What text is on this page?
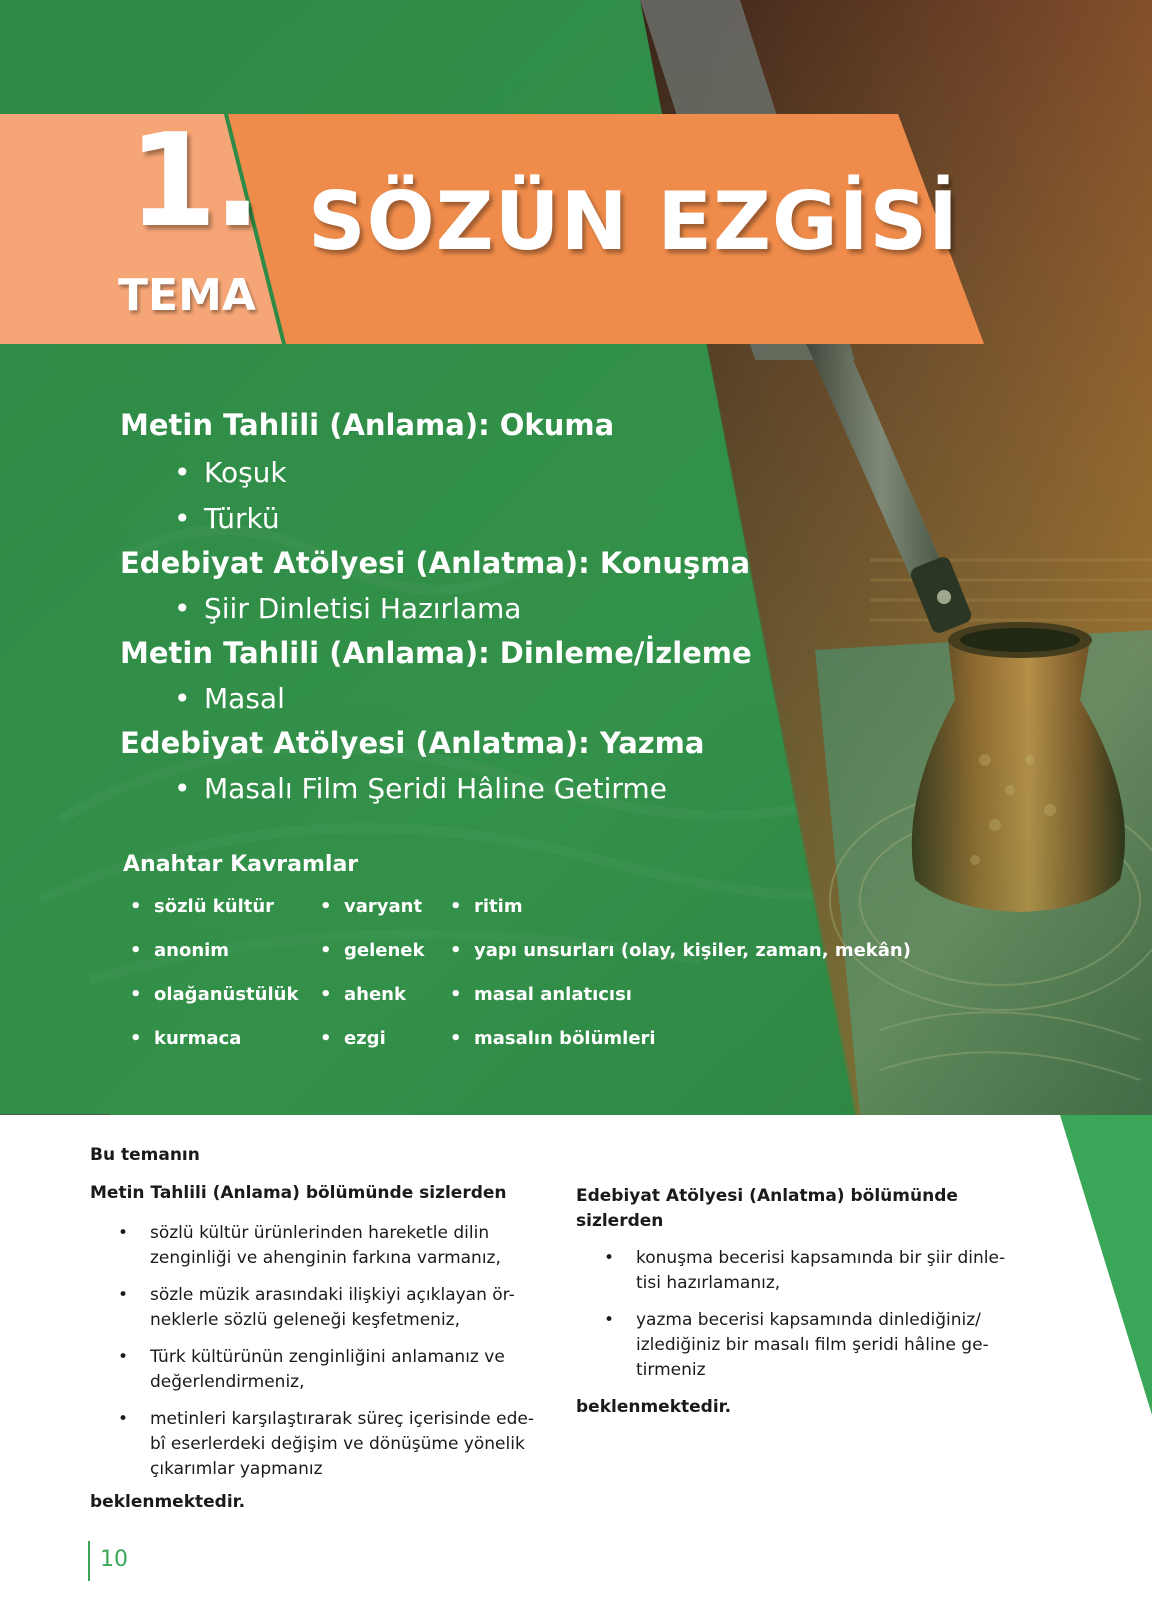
1.
TEMA
SÖZÜN EZGİSİ
Metin Tahlili (Anlama): Okuma
• Koşuk
• Türkü
Edebiyat Atölyesi (Anlatma): Konuşma
• Şiir Dinletisi Hazırlama
Metin Tahlili (Anlama): Dinleme/İzleme
• Masal
Edebiyat Atölyesi (Anlatma): Yazma
• Masalı Film Şeridi Hâline Getirme
Anahtar Kavramlar
• sözlü kültür
• anonim
• olağanüstülük
• kurmaca
• varyant
• gelenek
• ahenk
• ezgi
• ritim
• yapı unsurları (olay, kişiler, zaman, mekân)
• masal anlatıcısı
• masalın bölümleri
Bu temanın
Metin Tahlili (Anlama) bölümünde sizlerden
• sözlü kültür ürünlerinden hareketle dilin
zenginliği ve ahenginin farkına varmanız,
• sözle müzik arasındaki ilişkiyi açıklayan ör-
neklerle sözlü geleneği keşfetmeniz,
• Türk kültürünün zenginliğini anlamanız ve
değerlendirmeniz,
• metinleri karşılaştırarak süreç içerisinde ede-
bî eserlerdeki değişim ve dönüşüme yönelik
çıkarımlar yapmanız
beklenmektedir.
Edebiyat Atölyesi (Anlatma) bölümünde
sizlerden
• konuşma becerisi kapsamında bir şiir dinle-
tisi hazırlamanız,
• yazma becerisi kapsamında dinlediğiniz/
izlediğiniz bir masalı film şeridi hâline ge-
tirmeniz
beklenmektedir.
10
